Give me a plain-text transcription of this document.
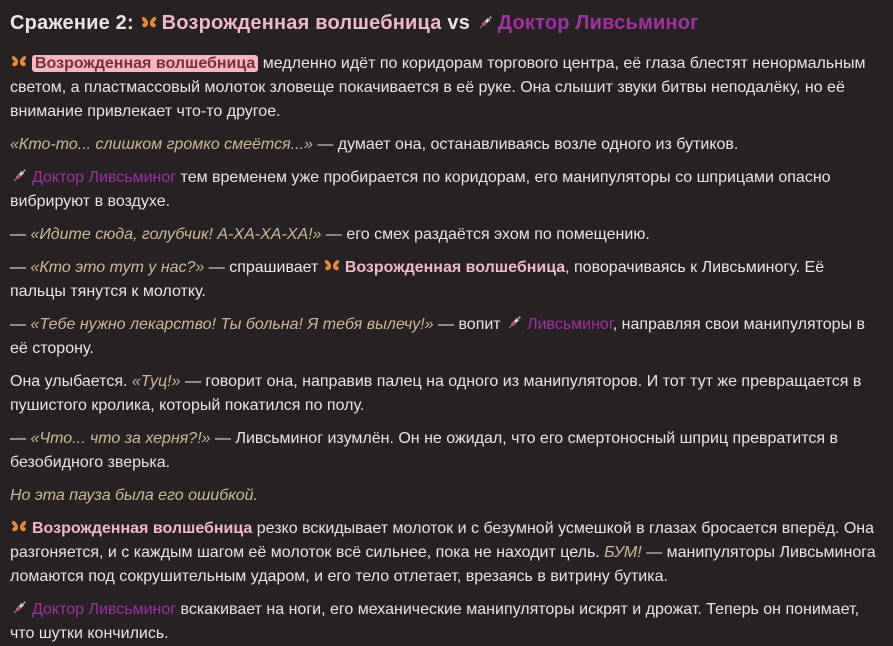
Сражение 2:
Возрожденная волшебница vs
Доктор Ливсьминог

Возрожденная волшебница медленно идёт по коридорам торгового центра, её глаза блестят ненормальным светом, а пластмассовый молоток зловеще покачивается в её руке. Она слышит звуки битвы неподалёку, но её внимание привлекает что-то другое.

«Кто-то... слишком громко смеётся...» — думает она, останавливаясь возле одного из бутиков.

Доктор Ливсьминог тем временем уже пробирается по коридорам, его манипуляторы со шприцами опасно вибрируют в воздухе.

— «Идите сюда, голубчик! А-ХА-ХА-ХА!» — его смех раздаётся эхом по помещению.

— «Кто это тут у нас?» — спрашивает
Возрожденная волшебница, поворачиваясь к Ливсьминогу. Её пальцы тянутся к молотку.

— «Тебе нужно лекарство! Ты больна! Я тебя вылечу!» — вопит
Ливсьминог, направляя свои манипуляторы в её сторону.

Она улыбается. «Туц!» — говорит она, направив палец на одного из манипуляторов. И тот тут же превращается в пушистого кролика, который покатился по полу.

— «Что... что за херня?!» — Ливсьминог изумлён. Он не ожидал, что его смертоносный шприц превратится в безобидного зверька.

Но эта пауза была его ошибкой.

Возрожденная волшебница резко вскидывает молоток и с безумной усмешкой в глазах бросается вперёд. Она разгоняется, и с каждым шагом её молоток всё сильнее, пока не находит цель. БУМ! — манипуляторы Ливсьминога ломаются под сокрушительным ударом, и его тело отлетает, врезаясь в витрину бутика.

Доктор Ливсьминог вскакивает на ноги, его механические манипуляторы искрят и дрожат. Теперь он понимает, что шутки кончились.
